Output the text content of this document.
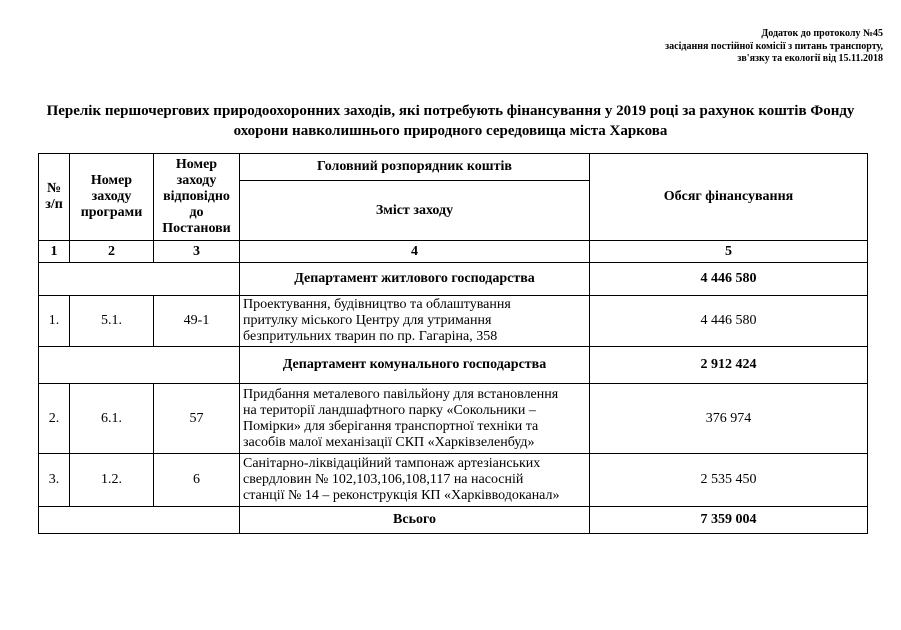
Додаток до протоколу №45
засідання постійної комісії з питань транспорту,
зв'язку та екології від 15.11.2018
Перелік першочергових природоохоронних заходів, які потребують фінансування у 2019 році за рахунок коштів Фонду
охорони навколишнього природного середовища міста Харкова
№ з/п	Номер заходу програми	Номер заходу відповідно до Постанови	Головний розпорядник коштів	Обсяг фінансування
			Зміст заходу	
1	2	3	4	5
			Департамент житлового господарства	4 446 580
1.	5.1.	49-1	Проектування, будівництво та облаштування
притулку міського Центру для утримання
безпритульних тварин по пр. Гагаріна, 358	4 446 580
			Департамент комунального господарства	2 912 424
2.	6.1.	57	Придбання металевого павільйону для встановлення
на території ландшафтного парку «Сокольники –
Помірки» для зберігання транспортної техніки та
засобів малої механізації СКП «Харківзеленбуд»	376 974
3.	1.2.	6	Санітарно-ліквідаційний тампонаж артезіанських
свердловин № 102,103,106,108,117 на насосній
станції № 14 – реконструкція КП «Харківводоканал»	2 535 450
			Всього	7 359 004
